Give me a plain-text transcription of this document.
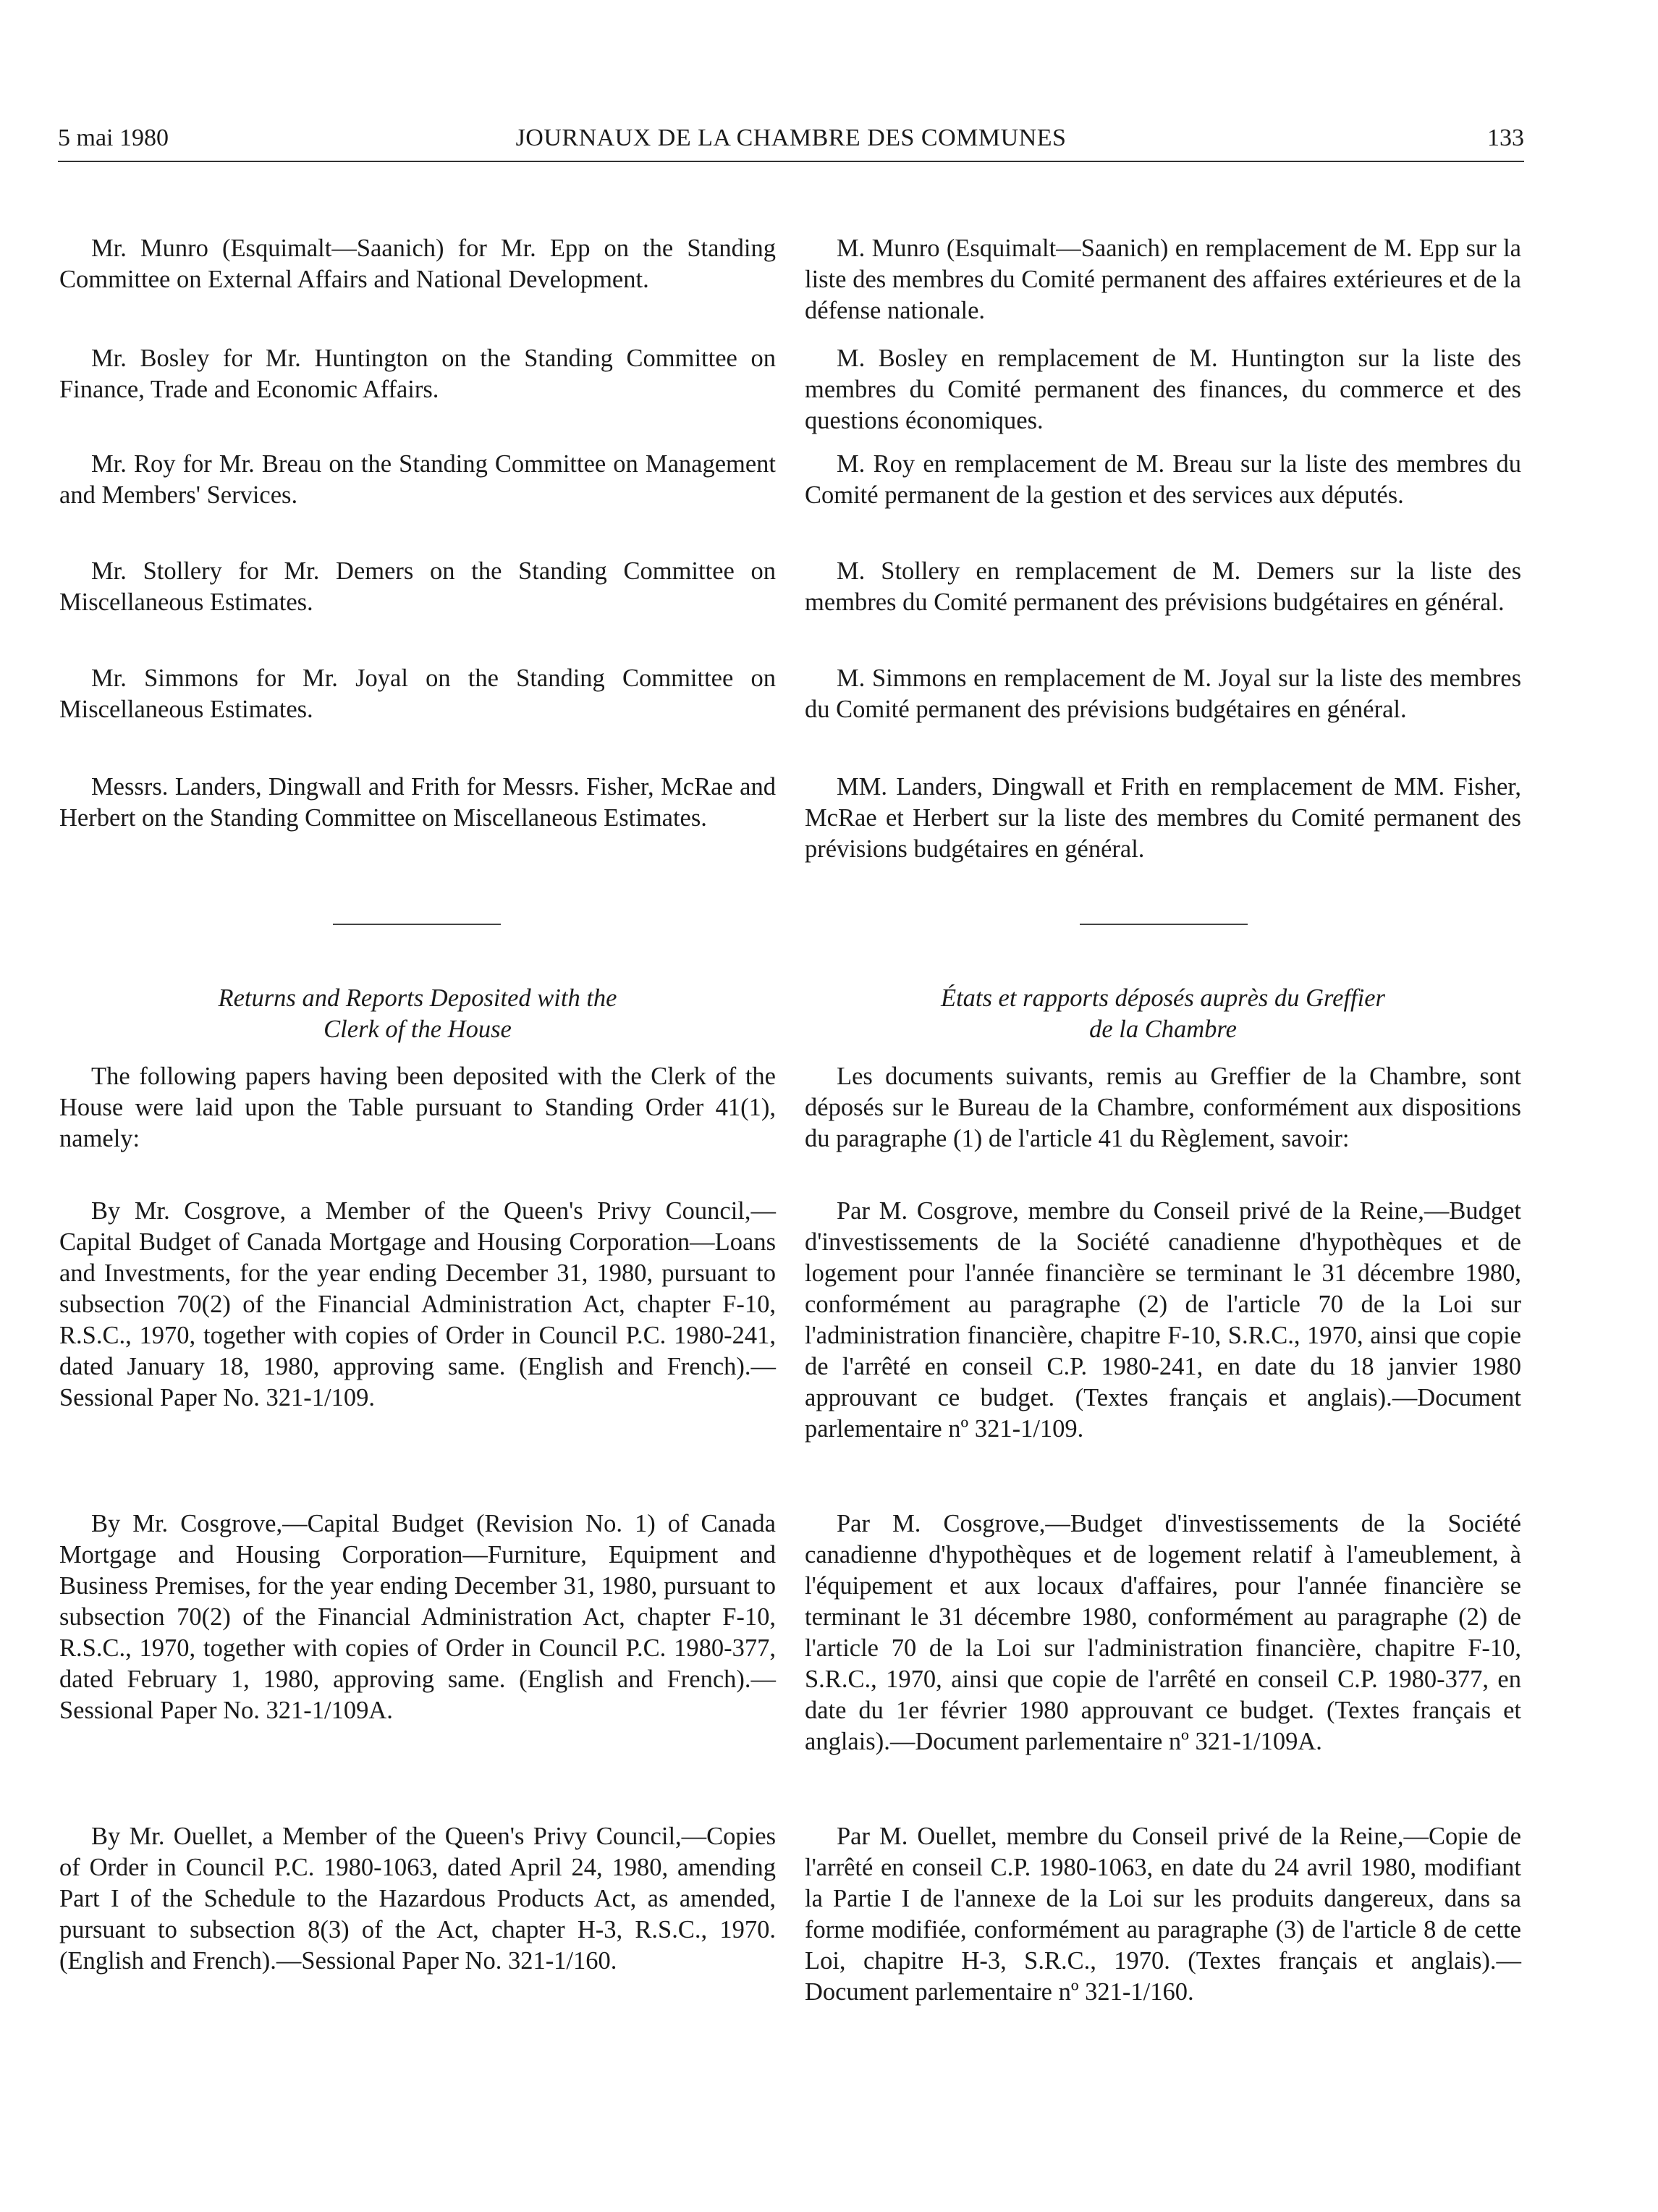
5 mai 1980	JOURNAUX DE LA CHAMBRE DES COMMUNES	133

Mr. Munro (Esquimalt—Saanich) for Mr. Epp on the Standing Committee on External Affairs and National Development.

Mr. Bosley for Mr. Huntington on the Standing Committee on Finance, Trade and Economic Affairs.

Mr. Roy for Mr. Breau on the Standing Committee on Management and Members' Services.

Mr. Stollery for Mr. Demers on the Standing Committee on Miscellaneous Estimates.

Mr. Simmons for Mr. Joyal on the Standing Committee on Miscellaneous Estimates.

Messrs. Landers, Dingwall and Frith for Messrs. Fisher, McRae and Herbert on the Standing Committee on Miscellaneous Estimates.

Returns and Reports Deposited with the
Clerk of the House

The following papers having been deposited with the Clerk of the House were laid upon the Table pursuant to Standing Order 41(1), namely:

By Mr. Cosgrove, a Member of the Queen's Privy Council,—Capital Budget of Canada Mortgage and Housing Corporation—Loans and Investments, for the year ending December 31, 1980, pursuant to subsection 70(2) of the Financial Administration Act, chapter F-10, R.S.C., 1970, together with copies of Order in Council P.C. 1980-241, dated January 18, 1980, approving same. (English and French).—Sessional Paper No. 321-1/109.

By Mr. Cosgrove,—Capital Budget (Revision No. 1) of Canada Mortgage and Housing Corporation—Furniture, Equipment and Business Premises, for the year ending December 31, 1980, pursuant to subsection 70(2) of the Financial Administration Act, chapter F-10, R.S.C., 1970, together with copies of Order in Council P.C. 1980-377, dated February 1, 1980, approving same. (English and French).—Sessional Paper No. 321-1/109A.

By Mr. Ouellet, a Member of the Queen's Privy Council,—Copies of Order in Council P.C. 1980-1063, dated April 24, 1980, amending Part I of the Schedule to the Hazardous Products Act, as amended, pursuant to subsection 8(3) of the Act, chapter H-3, R.S.C., 1970. (English and French).—Sessional Paper No. 321-1/160.

M. Munro (Esquimalt—Saanich) en remplacement de M. Epp sur la liste des membres du Comité permanent des affaires extérieures et de la défense nationale.

M. Bosley en remplacement de M. Huntington sur la liste des membres du Comité permanent des finances, du commerce et des questions économiques.

M. Roy en remplacement de M. Breau sur la liste des membres du Comité permanent de la gestion et des services aux députés.

M. Stollery en remplacement de M. Demers sur la liste des membres du Comité permanent des prévisions budgétaires en général.

M. Simmons en remplacement de M. Joyal sur la liste des membres du Comité permanent des prévisions budgétaires en général.

MM. Landers, Dingwall et Frith en remplacement de MM. Fisher, McRae et Herbert sur la liste des membres du Comité permanent des prévisions budgétaires en général.

États et rapports déposés auprès du Greffier
de la Chambre

Les documents suivants, remis au Greffier de la Chambre, sont déposés sur le Bureau de la Chambre, conformément aux dispositions du paragraphe (1) de l'article 41 du Règlement, savoir:

Par M. Cosgrove, membre du Conseil privé de la Reine,—Budget d'investissements de la Société canadienne d'hypothèques et de logement pour l'année financière se terminant le 31 décembre 1980, conformément au paragraphe (2) de l'article 70 de la Loi sur l'administration financière, chapitre F-10, S.R.C., 1970, ainsi que copie de l'arrêté en conseil C.P. 1980-241, en date du 18 janvier 1980 approuvant ce budget. (Textes français et anglais).—Document parlementaire nº 321-1/109.

Par M. Cosgrove,—Budget d'investissements de la Société canadienne d'hypothèques et de logement relatif à l'ameublement, à l'équipement et aux locaux d'affaires, pour l'année financière se terminant le 31 décembre 1980, conformément au paragraphe (2) de l'article 70 de la Loi sur l'administration financière, chapitre F-10, S.R.C., 1970, ainsi que copie de l'arrêté en conseil C.P. 1980-377, en date du 1er février 1980 approuvant ce budget. (Textes français et anglais).—Document parlementaire nº 321-1/109A.

Par M. Ouellet, membre du Conseil privé de la Reine,—Copie de l'arrêté en conseil C.P. 1980-1063, en date du 24 avril 1980, modifiant la Partie I de l'annexe de la Loi sur les produits dangereux, dans sa forme modifiée, conformément au paragraphe (3) de l'article 8 de cette Loi, chapitre H-3, S.R.C., 1970. (Textes français et anglais).—Document parlementaire nº 321-1/160.
